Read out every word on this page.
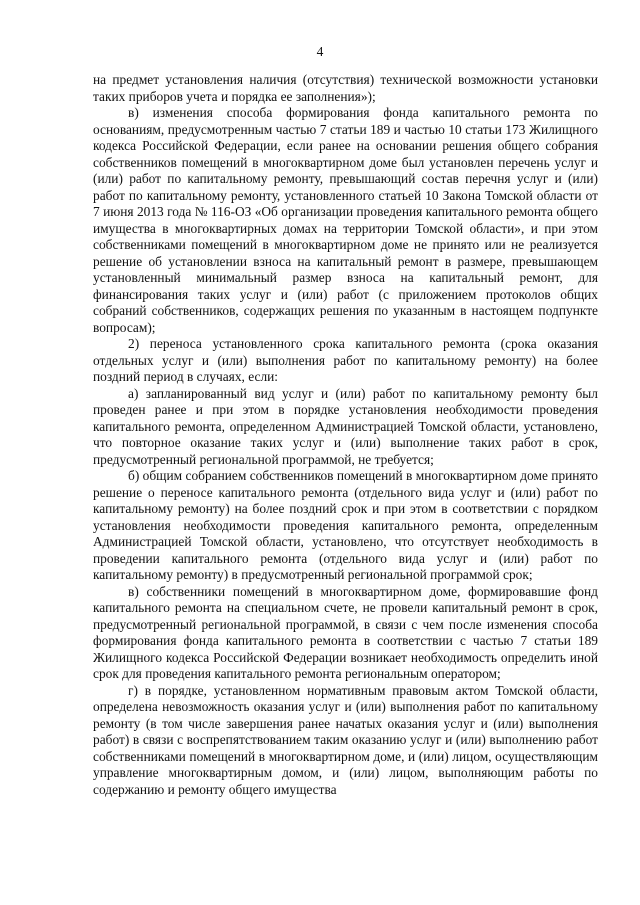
4

на предмет установления наличия (отсутствия) технической возможности установки таких приборов учета и порядка ее заполнения»);

в) изменения способа формирования фонда капитального ремонта по основаниям, предусмотренным частью 7 статьи 189 и частью 10 статьи 173 Жилищного кодекса Российской Федерации, если ранее на основании решения общего собрания собственников помещений в многоквартирном доме был установлен перечень услуг и (или) работ по капитальному ремонту, превышающий состав перечня услуг и (или) работ по капитальному ремонту, установленного статьей 10 Закона Томской области от 7 июня 2013 года № 116-ОЗ «Об организации проведения капитального ремонта общего имущества в многоквартирных домах на территории Томской области», и при этом собственниками помещений в многоквартирном доме не принято или не реализуется решение об установлении взноса на капитальный ремонт в размере, превышающем установленный минимальный размер взноса на капитальный ремонт, для финансирования таких услуг и (или) работ (с приложением протоколов общих собраний собственников, содержащих решения по указанным в настоящем подпункте вопросам);

2) переноса установленного срока капитального ремонта (срока оказания отдельных услуг и (или) выполнения работ по капитальному ремонту) на более поздний период в случаях, если:

а) запланированный вид услуг и (или) работ по капитальному ремонту был проведен ранее и при этом в порядке установления необходимости проведения капитального ремонта, определенном Администрацией Томской области, установлено, что повторное оказание таких услуг и (или) выполнение таких работ в срок, предусмотренный региональной программой, не требуется;

б) общим собранием собственников помещений в многоквартирном доме принято решение о переносе капитального ремонта (отдельного вида услуг и (или) работ по капитальному ремонту) на более поздний срок и при этом в соответствии с порядком установления необходимости проведения капитального ремонта, определенным Администрацией Томской области, установлено, что отсутствует необходимость в проведении капитального ремонта (отдельного вида услуг и (или) работ по капитальному ремонту) в предусмотренный региональной программой срок;

в) собственники помещений в многоквартирном доме, формировавшие фонд капитального ремонта на специальном счете, не провели капитальный ремонт в срок, предусмотренный региональной программой, в связи с чем после изменения способа формирования фонда капитального ремонта в соответствии с частью 7 статьи 189 Жилищного кодекса Российской Федерации возникает необходимость определить иной срок для проведения капитального ремонта региональным оператором;

г) в порядке, установленном нормативным правовым актом Томской области, определена невозможность оказания услуг и (или) выполнения работ по капитальному ремонту (в том числе завершения ранее начатых оказания услуг и (или) выполнения работ) в связи с воспрепятствованием таким оказанию услуг и (или) выполнению работ собственниками помещений в многоквартирном доме, и (или) лицом, осуществляющим управление многоквартирным домом, и (или) лицом, выполняющим работы по содержанию и ремонту общего имущества
